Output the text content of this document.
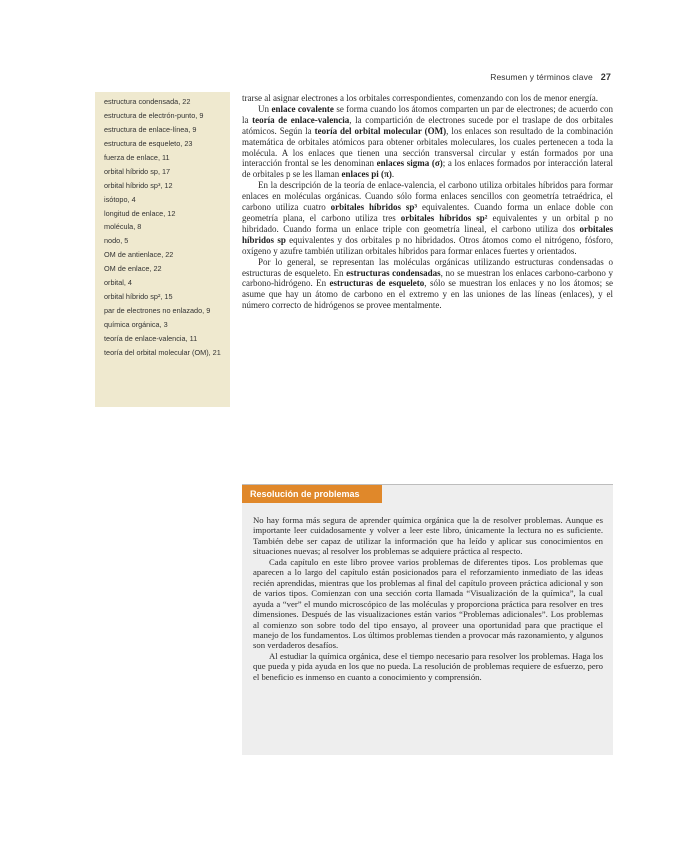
Resumen y términos clave 27
estructura condensada, 22
estructura de electrón-punto, 9
estructura de enlace-línea, 9
estructura de esqueleto, 23
fuerza de enlace, 11
orbital híbrido sp, 17
orbital híbrido sp³, 12
isótopo, 4
longitud de enlace, 12
molécula, 8
nodo, 5
OM de antienlace, 22
OM de enlace, 22
orbital, 4
orbital híbrido sp², 15
par de electrones no enlazado, 9
química orgánica, 3
teoría de enlace-valencia, 11
teoría del orbital molecular (OM), 21

trarse al asignar electrones a los orbitales correspondientes, comenzando con los de menor energía.

Un enlace covalente se forma cuando los átomos comparten un par de electrones; de acuerdo con la teoría de enlace-valencia, la compartición de electrones sucede por el traslape de dos orbitales atómicos. Según la teoría del orbital molecular (OM), los enlaces son resultado de la combinación matemática de orbitales atómicos para obtener orbitales moleculares, los cuales pertenecen a toda la molécula. A los enlaces que tienen una sección transversal circular y están formados por una interacción frontal se les denominan enlaces sigma (σ); a los enlaces formados por interacción lateral de orbitales p se les llaman enlaces pi (π).

En la descripción de la teoría de enlace-valencia, el carbono utiliza orbitales híbridos para formar enlaces en moléculas orgánicas. Cuando sólo forma enlaces sencillos con geometría tetraédrica, el carbono utiliza cuatro orbitales híbridos sp³ equivalentes. Cuando forma un enlace doble con geometría plana, el carbono utiliza tres orbitales híbridos sp² equivalentes y un orbital p no hibridado. Cuando forma un enlace triple con geometría lineal, el carbono utiliza dos orbitales híbridos sp equivalentes y dos orbitales p no hibridados. Otros átomos como el nitrógeno, fósforo, oxígeno y azufre también utilizan orbitales híbridos para formar enlaces fuertes y orientados.

Por lo general, se representan las moléculas orgánicas utilizando estructuras condensadas o estructuras de esqueleto. En estructuras condensadas, no se muestran los enlaces carbono-carbono y carbono-hidrógeno. En estructuras de esqueleto, sólo se muestran los enlaces y no los átomos; se asume que hay un átomo de carbono en el extremo y en las uniones de las líneas (enlaces), y el número correcto de hidrógenos se provee mentalmente.

Resolución de problemas

No hay forma más segura de aprender química orgánica que la de resolver problemas. Aunque es importante leer cuidadosamente y volver a leer este libro, únicamente la lectura no es suficiente. También debe ser capaz de utilizar la información que ha leído y aplicar sus conocimientos en situaciones nuevas; al resolver los problemas se adquiere práctica al respecto.

Cada capítulo en este libro provee varios problemas de diferentes tipos. Los problemas que aparecen a lo largo del capítulo están posicionados para el reforzamiento inmediato de las ideas recién aprendidas, mientras que los problemas al final del capítulo proveen práctica adicional y son de varios tipos. Comienzan con una sección corta llamada “Visualización de la química”, la cual ayuda a “ver” el mundo microscópico de las moléculas y proporciona práctica para resolver en tres dimensiones. Después de las visualizaciones están varios “Problemas adicionales”. Los problemas al comienzo son sobre todo del tipo ensayo, al proveer una oportunidad para que practique el manejo de los fundamentos. Los últimos problemas tienden a provocar más razonamiento, y algunos son verdaderos desafíos.

Al estudiar la química orgánica, dese el tiempo necesario para resolver los problemas. Haga los que pueda y pida ayuda en los que no pueda. La resolución de problemas requiere de esfuerzo, pero el beneficio es inmenso en cuanto a conocimiento y comprensión.
